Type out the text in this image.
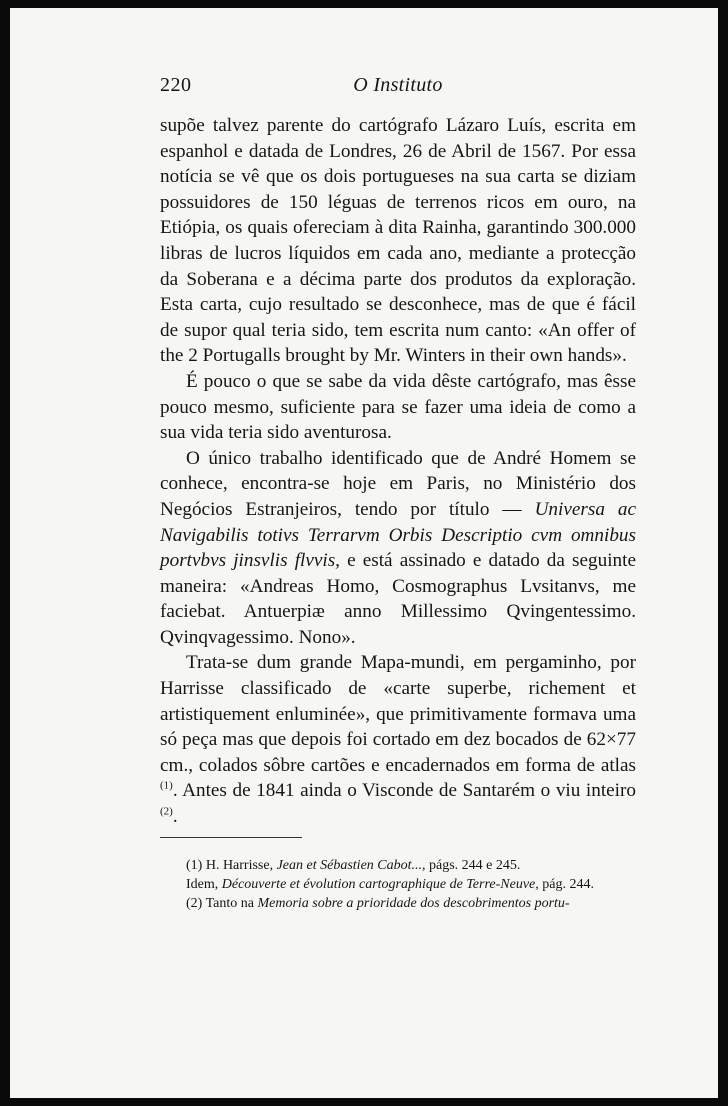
220	O Instituto

supõe talvez parente do cartógrafo Lázaro Luís, escrita em espanhol e datada de Londres, 26 de Abril de 1567. Por essa notícia se vê que os dois portugueses na sua carta se diziam possuidores de 150 léguas de terrenos ricos em ouro, na Etiópia, os quais ofereciam à dita Rainha, garantindo 300.000 libras de lucros líquidos em cada ano, mediante a protecção da Soberana e a décima parte dos produtos da exploração. Esta carta, cujo resultado se desconhece, mas de que é fácil de supor qual teria sido, tem escrita num canto: «An offer of the 2 Portugalls brought by Mr. Winters in their own hands».

É pouco o que se sabe da vida dêste cartógrafo, mas êsse pouco mesmo, suficiente para se fazer uma ideia de como a sua vida teria sido aventurosa.

O único trabalho identificado que de André Homem se conhece, encontra-se hoje em Paris, no Ministério dos Negócios Estranjeiros, tendo por título — Universa ac Navigabilis totivs Terrarvm Orbis Descriptio cvm omnibus portvbvs jinsvlis flvvis, e está assinado e datado da seguinte maneira: «Andreas Homo, Cosmographus Lvsitanvs, me faciebat. Antuerpiæ anno Millessimo Qvingentessimo. Qvinqvagessimo. Nono».

Trata-se dum grande Mapa-mundi, em pergaminho, por Harrisse classificado de «carte superbe, richement et artistiquement enluminée», que primitivamente formava uma só peça mas que depois foi cortado em dez bocados de 62×77 cm., colados sôbre cartões e encadernados em forma de atlas $^{(1)}$. Antes de 1841 ainda o Visconde de Santarém o viu inteiro $^{(2)}$.

(1) H. Harrisse, Jean et Sébastien Cabot..., págs. 244 e 245.

Idem, Découverte et évolution cartographique de Terre-Neuve, pág. 244.

(2) Tanto na Memoria sobre a prioridade dos descobrimentos portu-
